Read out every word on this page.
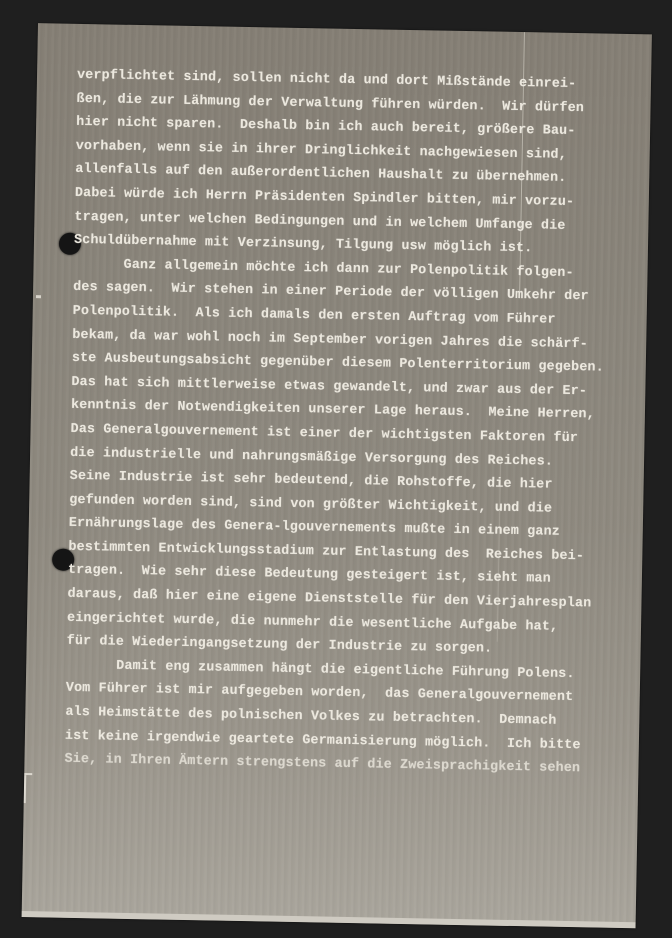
verpflichtet sind, sollen nicht da und dort Mißstände einrei-
ßen, die zur Lähmung der Verwaltung führen würden.  Wir dürfen
hier nicht sparen.  Deshalb bin ich auch bereit, größere Bau-
vorhaben, wenn sie in ihrer Dringlichkeit nachgewiesen sind,
allenfalls auf den außerordentlichen Haushalt zu übernehmen.
Dabei würde ich Herrn Präsidenten Spindler bitten, mir vorzu-
tragen, unter welchen Bedingungen und in welchem Umfange die
Schuldübernahme mit Verzinsung, Tilgung usw möglich ist.
Ganz allgemein möchte ich dann zur Polenpolitik folgen-
des sagen.  Wir stehen in einer Periode der völligen Umkehr der
Polenpolitik.  Als ich damals den ersten Auftrag vom Führer
bekam, da war wohl noch im September vorigen Jahres die schärf-
ste Ausbeutungsabsicht gegenüber diesem Polenterritorium gegeben.
Das hat sich mittlerweise etwas gewandelt, und zwar aus der Er-
kenntnis der Notwendigkeiten unserer Lage heraus.  Meine Herren,
Das Generalgouvernement ist einer der wichtigsten Faktoren für
die industrielle und nahrungsmäßige Versorgung des Reiches.
Seine Industrie ist sehr bedeutend, die Rohstoffe, die hier
gefunden worden sind, sind von größter Wichtigkeit, und die
Ernährungslage des Genera-lgouvernements mußte in einem ganz
bestimmten Entwicklungsstadium zur Entlastung des  Reiches bei-
tragen.  Wie sehr diese Bedeutung gesteigert ist, sieht man
daraus, daß hier eine eigene Dienststelle für den Vierjahresplan
eingerichtet wurde, die nunmehr die wesentliche Aufgabe hat,
für die Wiederingangsetzung der Industrie zu sorgen.
Damit eng zusammen hängt die eigentliche Führung Polens.
Vom Führer ist mir aufgegeben worden,  das Generalgouvernement
als Heimstätte des polnischen Volkes zu betrachten.  Demnach
ist keine irgendwie geartete Germanisierung möglich.  Ich bitte
Sie, in Ihren Ämtern strengstens auf die Zweisprachigkeit sehen
